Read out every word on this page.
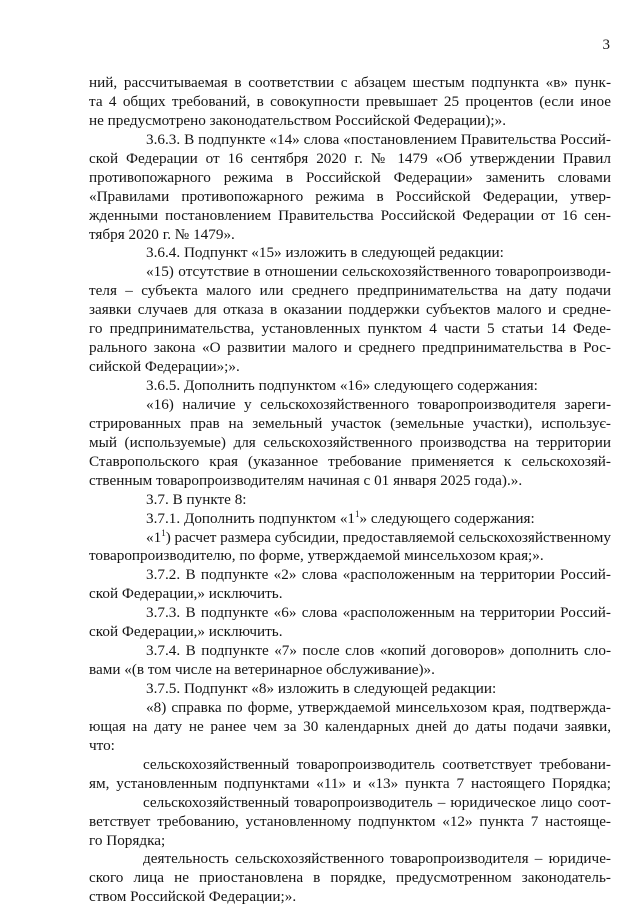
3
ний, рассчитываемая в соответствии с абзацем шестым подпункта «в» пунк-
та 4 общих требований, в совокупности превышает 25 процентов (если иное
не предусмотрено законодательством Российской Федерации);».
3.6.3. В подпункте «14» слова «постановлением Правительства Россий-
ской Федерации от 16 сентября 2020 г. № 1479 «Об утверждении Правил
противопожарного режима в Российской Федерации» заменить словами
«Правилами противопожарного режима в Российской Федерации, утвер-
жденными постановлением Правительства Российской Федерации от 16 сен-
тября 2020 г. № 1479».
3.6.4. Подпункт «15» изложить в следующей редакции:
«15) отсутствие в отношении сельскохозяйственного товаропроизводи-
теля – субъекта малого или среднего предпринимательства на дату подачи
заявки случаев для отказа в оказании поддержки субъектов малого и средне-
го предпринимательства, установленных пунктом 4 части 5 статьи 14 Феде-
рального закона «О развитии малого и среднего предпринимательства в Рос-
сийской Федерации»;».
3.6.5. Дополнить подпунктом «16» следующего содержания:
«16) наличие у сельскохозяйственного товаропроизводителя зареги-
стрированных прав на земельный участок (земельные участки), использує-
мый (используемые) для сельскохозяйственного производства на территории
Ставропольского края (указанное требование применяется к сельскохозяй-
ственным товаропроизводителям начиная с 01 января 2025 года).».
3.7. В пункте 8:
3.7.1. Дополнить подпунктом «$1^1$» следующего содержания:
«$1^1$) расчет размера субсидии, предоставляемой сельскохозяйственному
товаропроизводителю, по форме, утверждаемой минсельхозом края;».
3.7.2. В подпункте «2» слова «расположенным на территории Россий-
ской Федерации,» исключить.
3.7.3. В подпункте «6» слова «расположенным на территории Россий-
ской Федерации,» исключить.
3.7.4. В подпункте «7» после слов «копий договоров» дополнить сло-
вами «(в том числе на ветеринарное обслуживание)».
3.7.5. Подпункт «8» изложить в следующей редакции:
«8) справка по форме, утверждаемой минсельхозом края, подтвержда-
ющая на дату не ранее чем за 30 календарных дней до даты подачи заявки,
что:
сельскохозяйственный товаропроизводитель соответствует требовани-
ям, установленным подпунктами «11» и «13» пункта 7 настоящего Порядка;
сельскохозяйственный товаропроизводитель – юридическое лицо соот-
ветствует требованию, установленному подпунктом «12» пункта 7 настояще-
го Порядка;
деятельность сельскохозяйственного товаропроизводителя – юридиче-
ского лица не приостановлена в порядке, предусмотренном законодатель-
ством Российской Федерации;».
